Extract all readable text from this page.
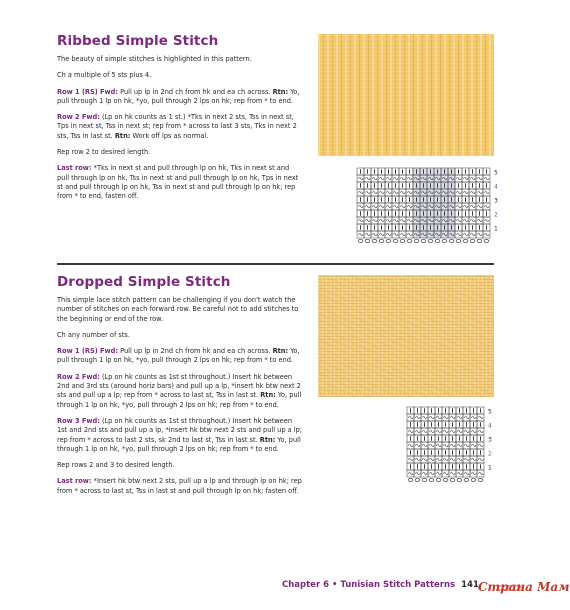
Ribbed Simple Stitch

The beauty of simple stitches is highlighted in this pattern.

Ch a multiple of 5 sts plus 4.

Row 1 (RS) Fwd: Pull up lp in 2nd ch from hk and ea ch across. Rtn: Yo, pull through 1 lp on hk, *yo, pull through 2 lps on hk; rep from * to end.

Row 2 Fwd: (Lp on hk counts as 1 st.) *Tks in next 2 sts, Tss in next st, Tps in next st, Tss in next st; rep from * across to last 3 sts, Tks in next 2 sts, Tss in last st. Rtn: Work off lps as normal.

Rep row 2 to desired length.

Last row: *Tks in next st and pull through lp on hk, Tks in next st and pull through lp on hk, Tss in next st and pull through lp on hk, Tps in next st and pull through lp on hk, Tss in next st and pull through lp on hk; rep from * to end, fasten off.

5
4
3
2
1
Dropped Simple Stitch

This simple lace stitch pattern can be challenging if you don't watch the number of stitches on each forward row. Be careful not to add stitches to the beginning or end of the row.

Ch any number of sts.

Row 1 (RS) Fwd: Pull up lp in 2nd ch from hk and ea ch across. Rtn: Yo, pull through 1 lp on hk, *yo, pull through 2 lps on hk; rep from * to end.

Row 2 Fwd: (Lp on hk counts as 1st st throughout.) Insert hk between 2nd and 3rd sts (around horiz bars) and pull up a lp, *insert hk btw next 2 sts and pull up a lp; rep from * across to last st, Tss in last st. Rtn: Yo, pull through 1 lp on hk, *yo, pull through 2 lps on hk; rep from * to end.

Row 3 Fwd: (Lp on hk counts as 1st st throughout.) Insert hk between 1st and 2nd sts and pull up a lp, *insert hk btw next 2 sts and pull up a lp; rep from * across to last 2 sts, sk 2nd to last st, Tss in last st. Rtn: Yo, pull through 1 lp on hk, *yo, pull through 2 lps on hk; rep from * to end.

Rep rows 2 and 3 to desired length.

Last row: *Insert hk btw next 2 sts, pull up a lp and through lp on hk; rep from * across to last st, Tss in last st and pull through lp on hk; fasten off.

5
4
3
2
1
Chapter 6 • Tunisian Stitch Patterns 141 Страна Мам
